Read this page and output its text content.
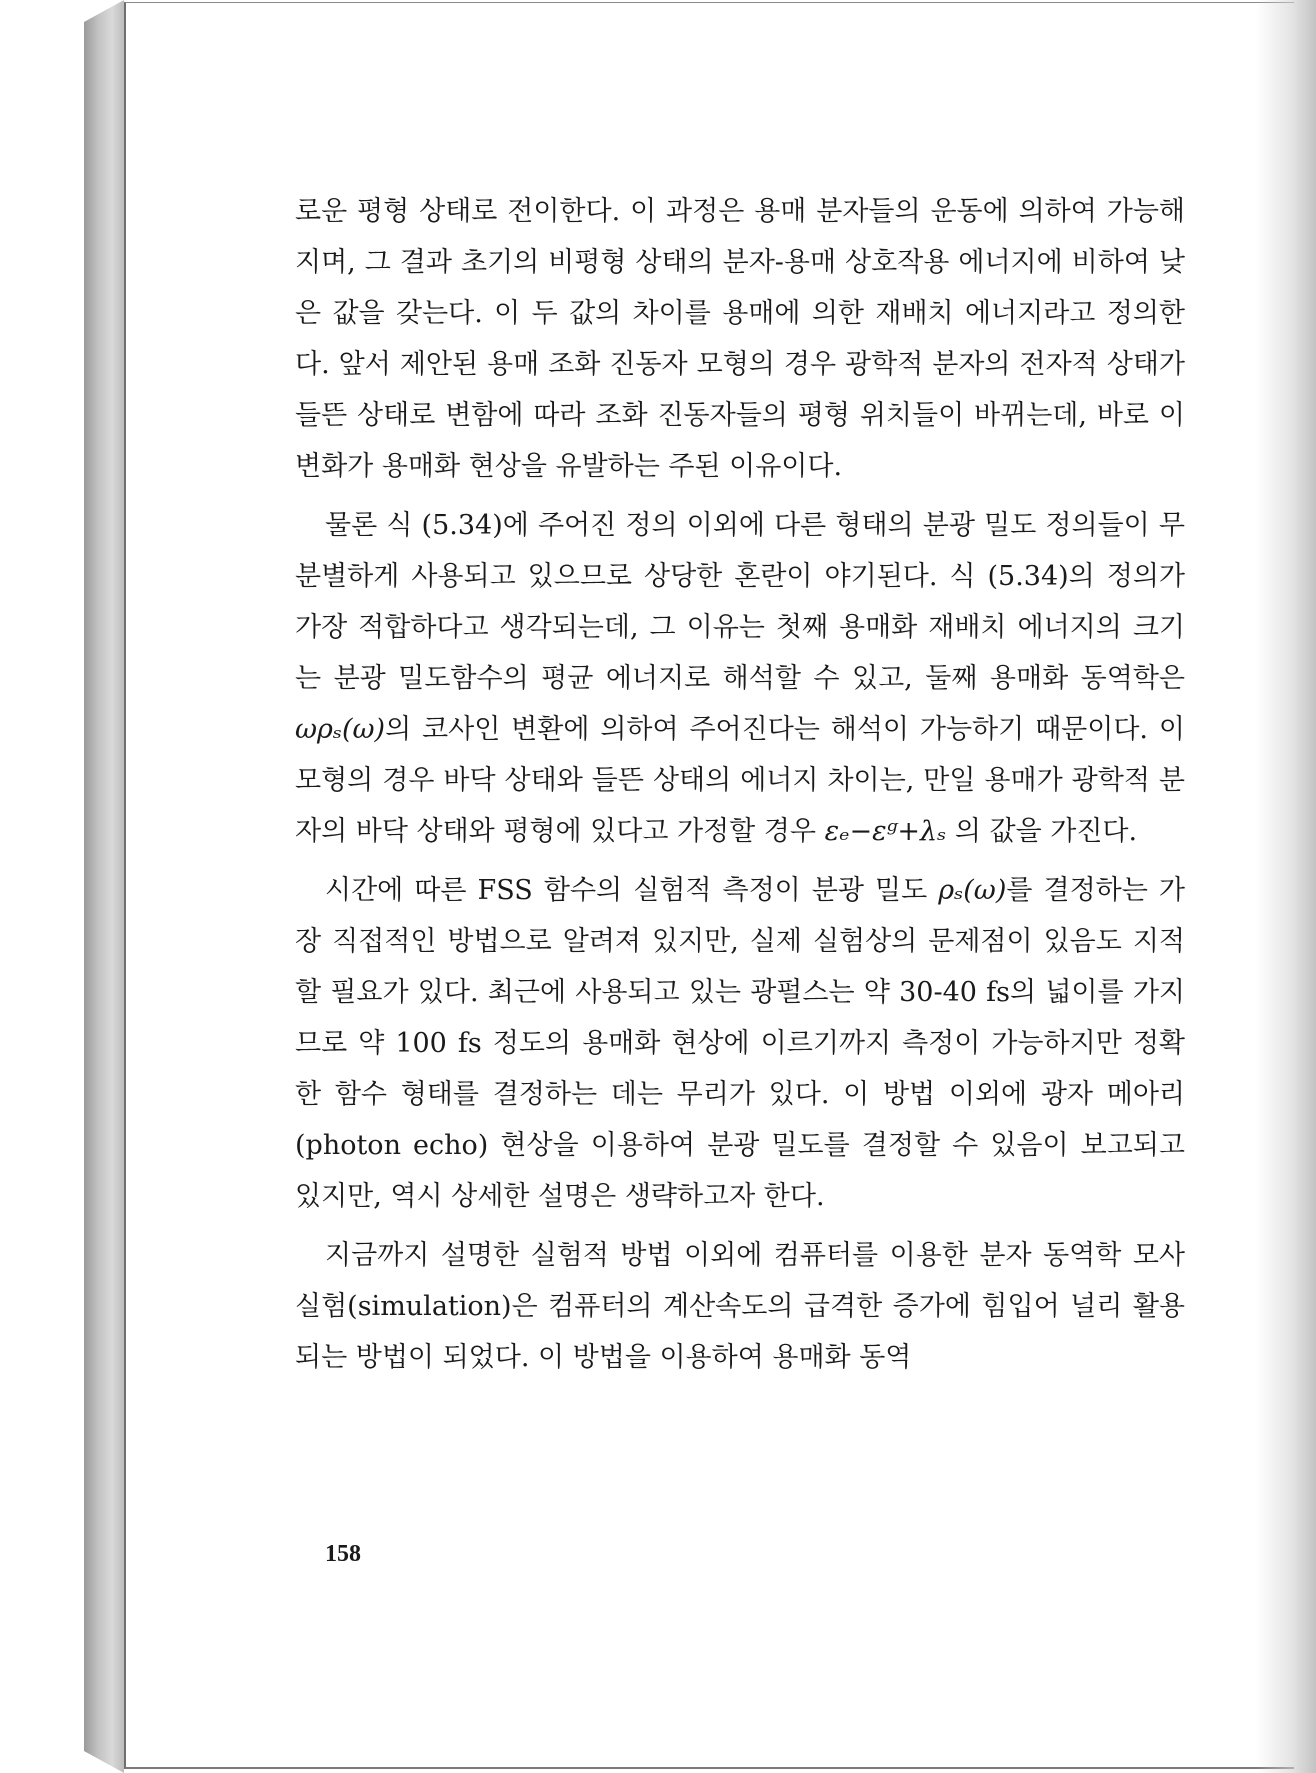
로운 평형 상태로 전이한다. 이 과정은 용매 분자들의 운동에 의하여 가능해지며, 그 결과 초기의 비평형 상태의 분자-용매 상호작용 에너지에 비하여 낮은 값을 갖는다. 이 두 값의 차이를 용매에 의한 재배치 에너지라고 정의한다. 앞서 제안된 용매 조화 진동자 모형의 경우 광학적 분자의 전자적 상태가 들뜬 상태로 변함에 따라 조화 진동자들의 평형 위치들이 바뀌는데, 바로 이 변화가 용매화 현상을 유발하는 주된 이유이다.

물론 식 (5.34)에 주어진 정의 이외에 다른 형태의 분광 밀도 정의들이 무분별하게 사용되고 있으므로 상당한 혼란이 야기된다. 식 (5.34)의 정의가 가장 적합하다고 생각되는데, 그 이유는 첫째 용매화 재배치 에너지의 크기는 분광 밀도함수의 평균 에너지로 해석할 수 있고, 둘째 용매화 동역학은 ωρₛ(ω)의 코사인 변환에 의하여 주어진다는 해석이 가능하기 때문이다. 이 모형의 경우 바닥 상태와 들뜬 상태의 에너지 차이는, 만일 용매가 광학적 분자의 바닥 상태와 평형에 있다고 가정할 경우 εₑ−εᵍ+λₛ 의 값을 가진다.

시간에 따른 FSS 함수의 실험적 측정이 분광 밀도 ρₛ(ω)를 결정하는 가장 직접적인 방법으로 알려져 있지만, 실제 실험상의 문제점이 있음도 지적할 필요가 있다. 최근에 사용되고 있는 광펄스는 약 30-40 fs의 넓이를 가지므로 약 100 fs 정도의 용매화 현상에 이르기까지 측정이 가능하지만 정확한 함수 형태를 결정하는 데는 무리가 있다. 이 방법 이외에 광자 메아리(photon echo) 현상을 이용하여 분광 밀도를 결정할 수 있음이 보고되고 있지만, 역시 상세한 설명은 생략하고자 한다.

지금까지 설명한 실험적 방법 이외에 컴퓨터를 이용한 분자 동역학 모사 실험(simulation)은 컴퓨터의 계산속도의 급격한 증가에 힘입어 널리 활용되는 방법이 되었다. 이 방법을 이용하여 용매화 동역

158
